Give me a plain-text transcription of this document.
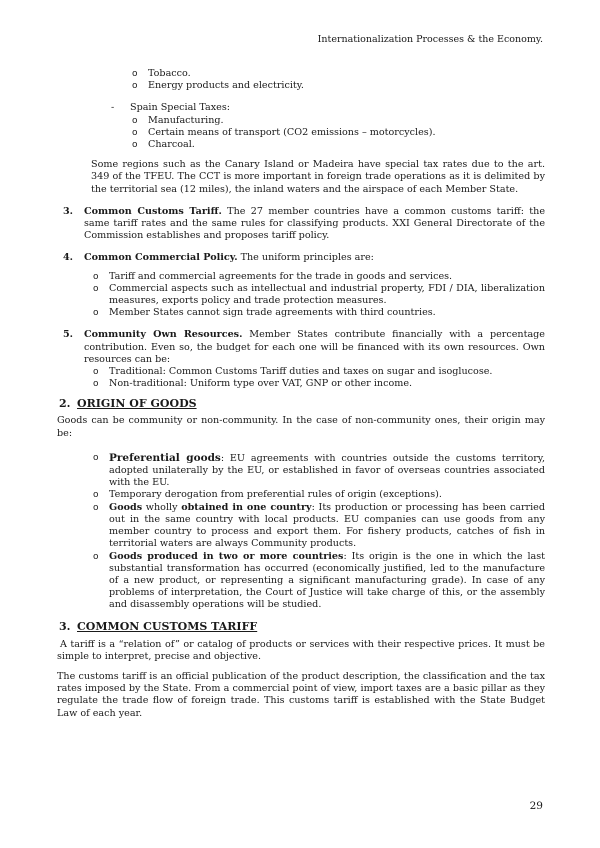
Internationalization Processes & the Economy.
o Tobacco.
o Energy products and electricity.
- Spain Special Taxes:
o Manufacturing.
o Certain means of transport (CO2 emissions – motorcycles).
o Charcoal.

Some regions such as the Canary Island or Madeira have special tax rates due to the art. 349 of the TFEU. The CCT is more important in foreign trade operations as it is delimited by the territorial sea (12 miles), the inland waters and the airspace of each Member State.

3. Common Customs Tariff. The 27 member countries have a common customs tariff: the same tariff rates and the same rules for classifying products. XXI General Directorate of the Commission establishes and proposes tariff policy.
4. Common Commercial Policy. The uniform principles are:
o Tariff and commercial agreements for the trade in goods and services.
o Commercial aspects such as intellectual and industrial property, FDI / DIA, liberalization measures, exports policy and trade protection measures.
o Member States cannot sign trade agreements with third countries.
5. Community Own Resources. Member States contribute financially with a percentage contribution. Even so, the budget for each one will be financed with its own resources. Own resources can be:
o Traditional: Common Customs Tariff duties and taxes on sugar and isoglucose.
o Non-traditional: Uniform type over VAT, GNP or other income.
2. ORIGIN OF GOODS

Goods can be community or non-community. In the case of non-community ones, their origin may be:

o Preferential goods: EU agreements with countries outside the customs territory, adopted unilaterally by the EU, or established in favor of overseas countries associated with the EU.
o Temporary derogation from preferential rules of origin (exceptions).
o Goods wholly obtained in one country: Its production or processing has been carried out in the same country with local products. EU companies can use goods from any member country to process and export them. For fishery products, catches of fish in territorial waters are always Community products.
o Goods produced in two or more countries: Its origin is the one in which the last substantial transformation has occurred (economically justified, led to the manufacture of a new product, or representing a significant manufacturing grade). In case of any problems of interpretation, the Court of Justice will take charge of this, or the assembly and disassembly operations will be studied.
3. COMMON CUSTOMS TARIFF

A tariff is a “relation of” or catalog of products or services with their respective prices. It must be simple to interpret, precise and objective.

The customs tariff is an official publication of the product description, the classification and the tax rates imposed by the State. From a commercial point of view, import taxes are a basic pillar as they regulate the trade flow of foreign trade. This customs tariff is established with the State Budget Law of each year.

29
